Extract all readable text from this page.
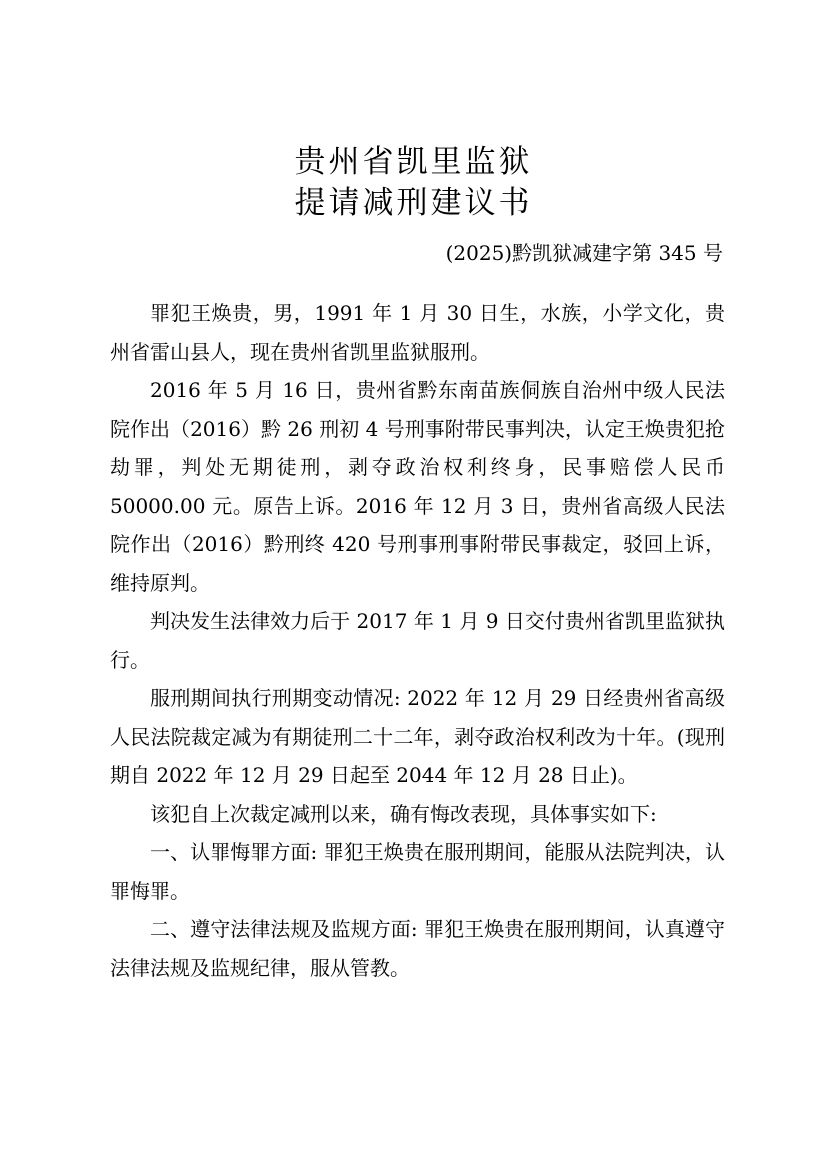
贵州省凯里监狱
提请减刑建议书
(2025)黔凯狱减建字第 345 号

罪犯王焕贵，男，1991 年 1 月 30 日生，水族，小学文化，贵州省雷山县人，现在贵州省凯里监狱服刑。

2016 年 5 月 16 日，贵州省黔东南苗族侗族自治州中级人民法院作出（2016）黔 26 刑初 4 号刑事附带民事判决，认定王焕贵犯抢劫罪，判处无期徒刑，剥夺政治权利终身，民事赔偿人民币 50000.00 元。原告上诉。2016 年 12 月 3 日，贵州省高级人民法院作出（2016）黔刑终 420 号刑事刑事附带民事裁定，驳回上诉，维持原判。

判决发生法律效力后于 2017 年 1 月 9 日交付贵州省凯里监狱执行。

服刑期间执行刑期变动情况: 2022 年 12 月 29 日经贵州省高级人民法院裁定减为有期徒刑二十二年，剥夺政治权利改为十年。(现刑期自 2022 年 12 月 29 日起至 2044 年 12 月 28 日止)。

该犯自上次裁定减刑以来，确有悔改表现，具体事实如下:

一、认罪悔罪方面: 罪犯王焕贵在服刑期间，能服从法院判决，认罪悔罪。

二、遵守法律法规及监规方面: 罪犯王焕贵在服刑期间，认真遵守法律法规及监规纪律，服从管教。
